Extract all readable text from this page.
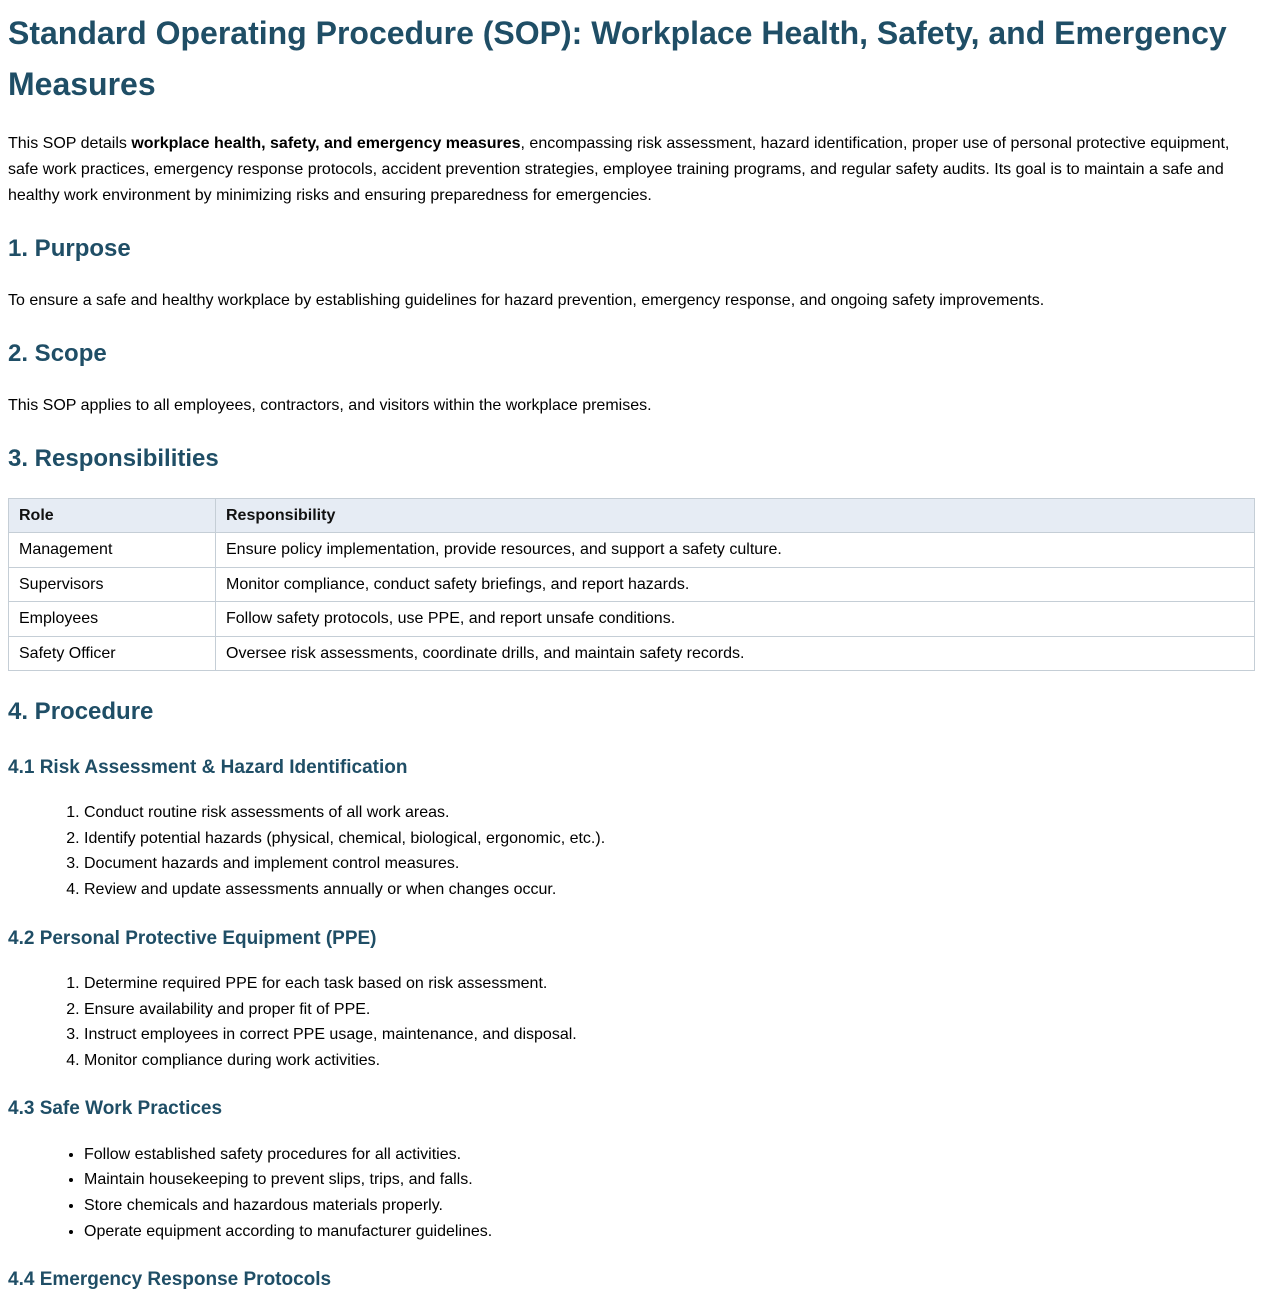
Standard Operating Procedure (SOP): Workplace Health, Safety, and Emergency Measures

This SOP details workplace health, safety, and emergency measures, encompassing risk assessment, hazard identification, proper use of personal protective equipment, safe work practices, emergency response protocols, accident prevention strategies, employee training programs, and regular safety audits. Its goal is to maintain a safe and healthy work environment by minimizing risks and ensuring preparedness for emergencies.

1. Purpose

To ensure a safe and healthy workplace by establishing guidelines for hazard prevention, emergency response, and ongoing safety improvements.

2. Scope

This SOP applies to all employees, contractors, and visitors within the workplace premises.

3. Responsibilities
Role	Responsibility
Management	Ensure policy implementation, provide resources, and support a safety culture.
Supervisors	Monitor compliance, conduct safety briefings, and report hazards.
Employees	Follow safety protocols, use PPE, and report unsafe conditions.
Safety Officer	Oversee risk assessments, coordinate drills, and maintain safety records.
4. Procedure
4.1 Risk Assessment & Hazard Identification
1. Conduct routine risk assessments of all work areas.
2. Identify potential hazards (physical, chemical, biological, ergonomic, etc.).
3. Document hazards and implement control measures.
4. Review and update assessments annually or when changes occur.
4.2 Personal Protective Equipment (PPE)
1. Determine required PPE for each task based on risk assessment.
2. Ensure availability and proper fit of PPE.
3. Instruct employees in correct PPE usage, maintenance, and disposal.
4. Monitor compliance during work activities.
4.3 Safe Work Practices
• Follow established safety procedures for all activities.
• Maintain housekeeping to prevent slips, trips, and falls.
• Store chemicals and hazardous materials properly.
• Operate equipment according to manufacturer guidelines.
4.4 Emergency Response Protocols
